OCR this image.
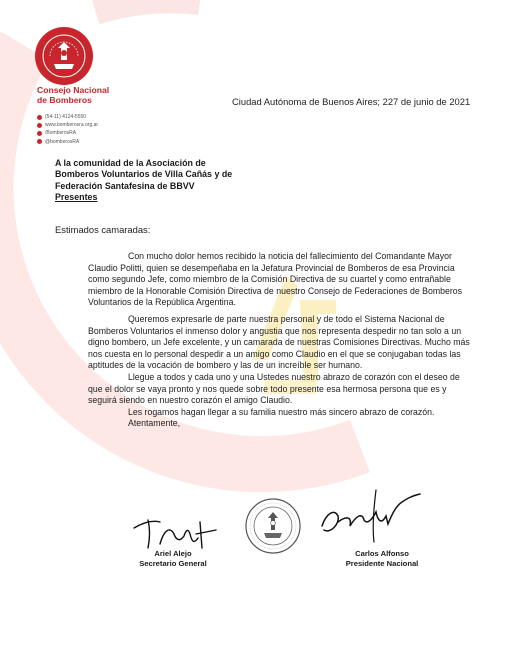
Consejo Nacional
de Bomberos
(54-11) 4124-5550
www.bomberosra.org.ar
/BomberosRA
@bomberosRA
Ciudad Autónoma de Buenos Aires; 227 de junio de 2021
A la comunidad de la Asociación de
Bomberos Voluntarios de Villa Cañás y de
Federación Santafesina de BBVV
Presentes
Estimados camaradas:

Con mucho dolor hemos recibido la noticia del fallecimiento del Comandante Mayor Claudio Politti, quien se desempeñaba en la Jefatura Provincial de Bomberos de esa Provincia como segundo Jefe, como miembro de la Comisión Directiva de su cuartel y como entrañable miembro de la Honorable Comisión Directiva de nuestro Consejo de Federaciones de Bomberos Voluntarios de la República Argentina.

Queremos expresarle de parte nuestra personal y de todo el Sistema Nacional de Bomberos Voluntarios el inmenso dolor y angustia que nos representa despedir no tan solo a un digno bombero, un Jefe excelente, y un camarada de nuestras Comisiones Directivas. Mucho más nos cuesta en lo personal despedir a un amigo como Claudio en el que se conjugaban todas las aptitudes de la vocación de bombero y las de un increíble ser humano.

Llegue a todos y cada uno y una Ustedes nuestro abrazo de corazón con el deseo de que el dolor se vaya pronto y nos quede sobre todo presente esa hermosa persona que es y seguirá siendo en nuestro corazón el amigo Claudio.

Les rogamos hagan llegar a su familia nuestro más sincero abrazo de corazón.

Atentamente,

Ariel Alejo
Secretario General
Carlos Alfonso
Presidente Nacional
